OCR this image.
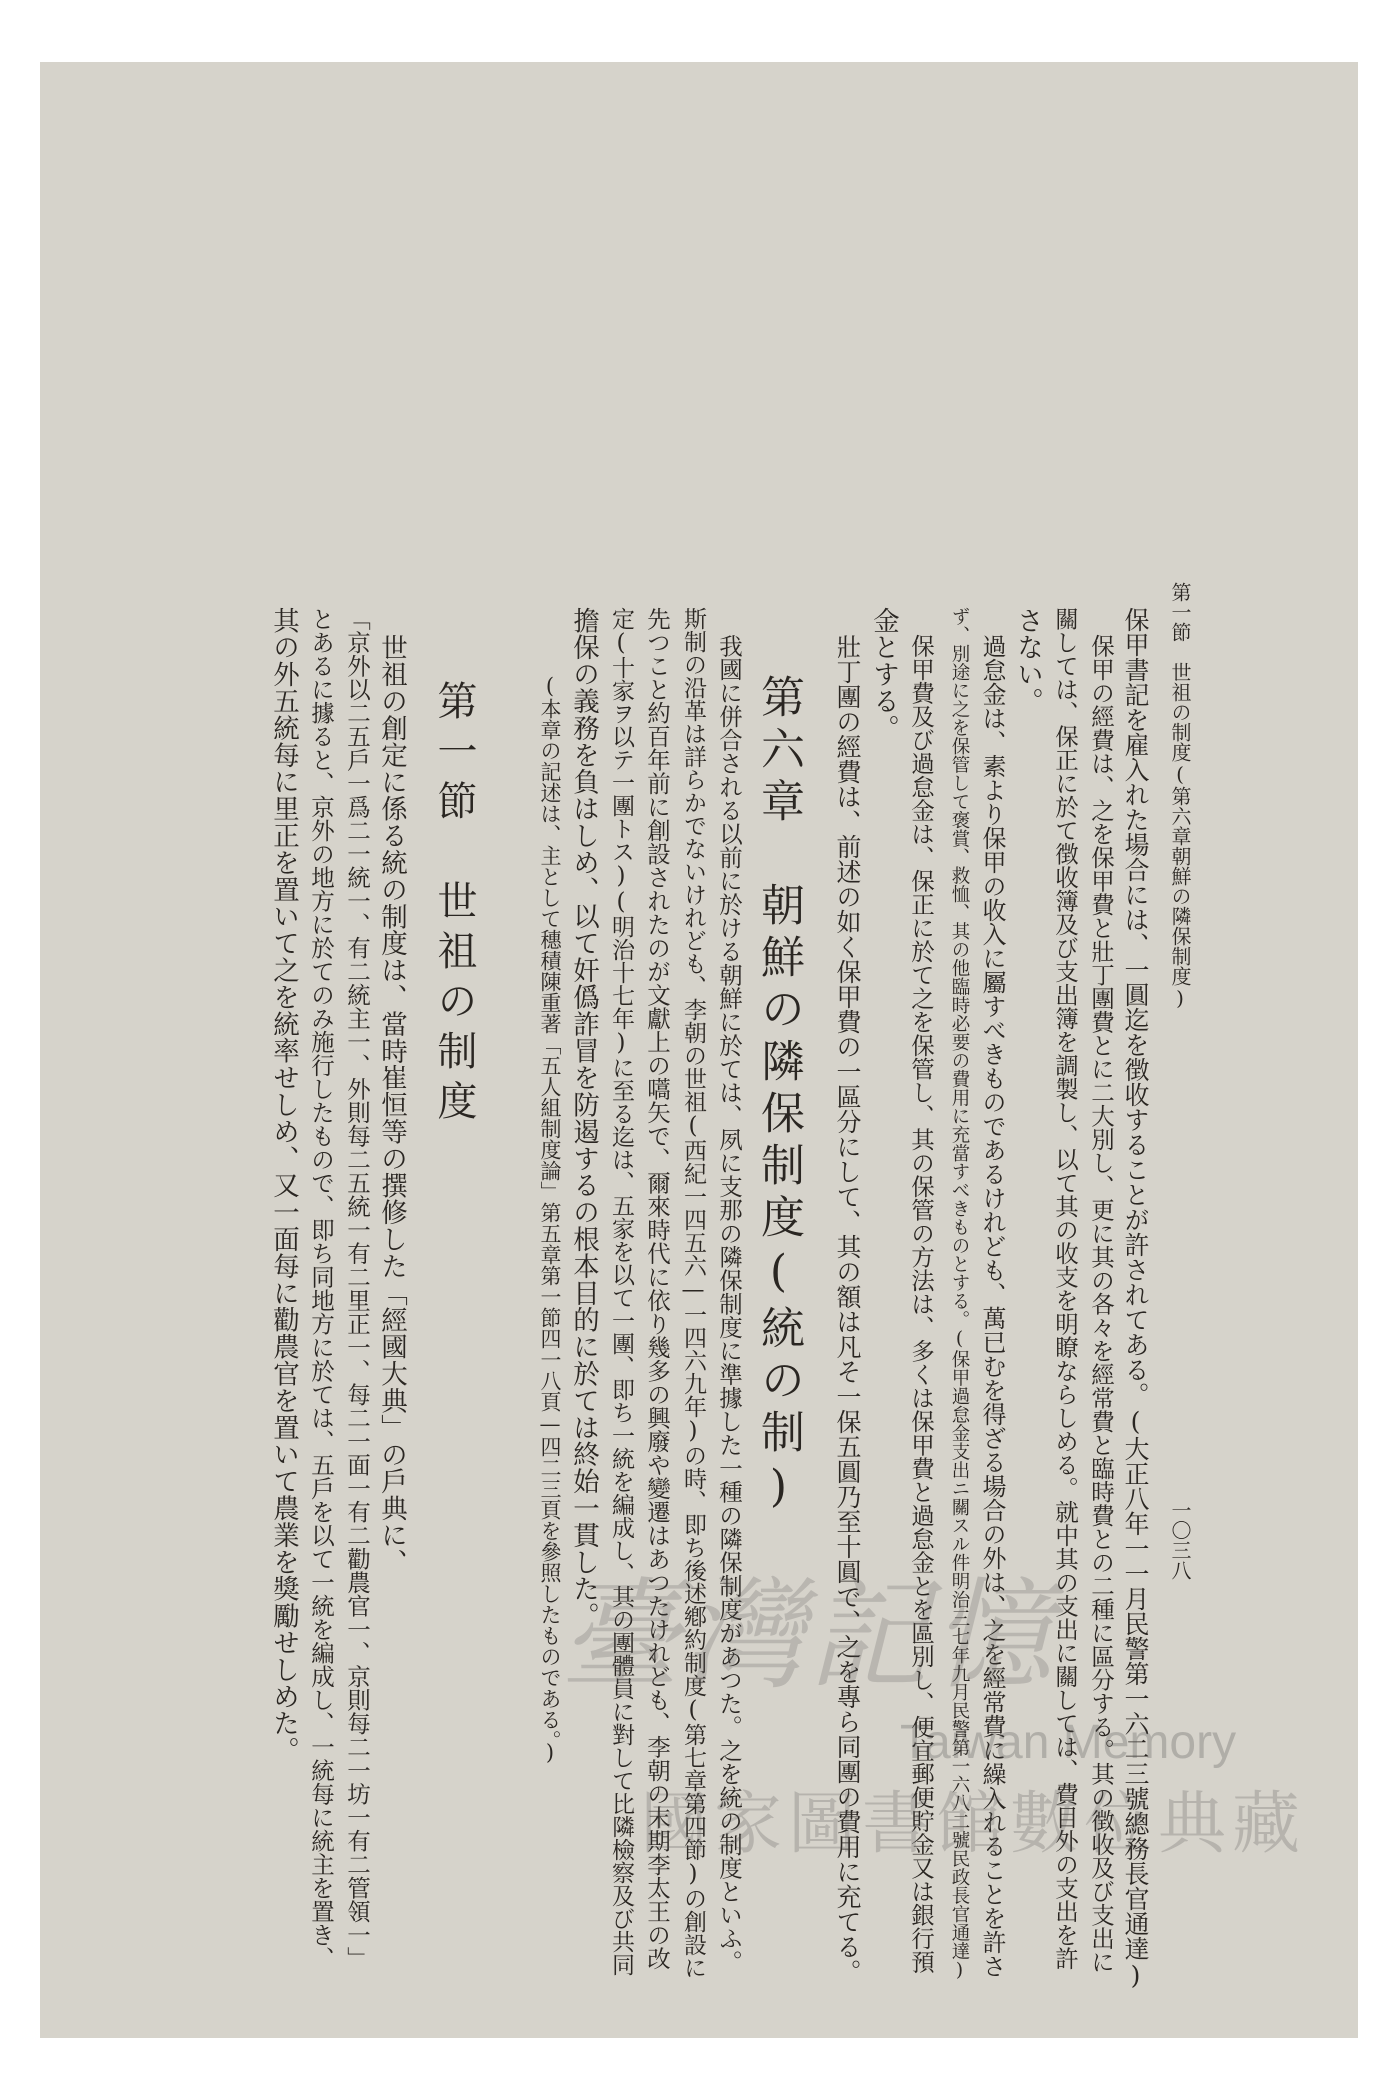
第一節　世祖の制度(第六章朝鮮の隣保制度)
一〇三八
保甲書記を雇入れた場合には、一圓迄を徴收することが許されてある。(大正八年一一月民警第一六二三號總務長官通達)
保甲の經費は、之を保甲費と壯丁團費とに二大別し、更に其の各々を經常費と臨時費との二種に區分する。其の徴收及び支出に
關しては、保正に於て徴收簿及び支出簿を調製し、以て其の收支を明瞭ならしめる。就中其の支出に關しては、費目外の支出を許
さない。
過怠金は、素より保甲の收入に屬すべきものであるけれども、萬已むを得ざる場合の外は、之を經常費に繰入れることを許さ
ず、別途に之を保管して褒賞、救恤、其の他臨時必要の費用に充當すべきものとする。(保甲過怠金支出ニ關スル件明治三七年九月民警第一六八二號民政長官通達)
保甲費及び過怠金は、保正に於て之を保管し、其の保管の方法は、多くは保甲費と過怠金とを區別し、便宜郵便貯金又は銀行預
金とする。
壯丁團の經費は、前述の如く保甲費の一區分にして、其の額は凡そ一保五圓乃至十圓で、之を專ら同團の費用に充てる。
第六章　朝鮮の隣保制度(統の制)
我國に併合される以前に於ける朝鮮に於ては、夙に支那の隣保制度に準據した一種の隣保制度があつた。之を統の制度といふ。
斯制の沿革は詳らかでないけれども、李朝の世祖(西紀一四五六—一四六九年)の時、即ち後述鄕約制度(第七章第四節)の創設に
先つこと約百年前に創設されたのが文獻上の嚆矢で、爾來時代に依り幾多の興廢や變遷はあつたけれども、李朝の末期李太王の改
定(十家ヲ以テ一團トス)(明治十七年)に至る迄は、五家を以て一團、即ち一統を編成し、其の團體員に對して比隣檢察及び共同
擔保の義務を負はしめ、以て奸僞詐冒を防遏するの根本目的に於ては終始一貫した。
(本章の記述は、主として穗積陳重著「五人組制度論」第五章第一節四一八頁—四二三頁を參照したものである。)
第一節　世祖の制度
世祖の創定に係る統の制度は、當時崔恒等の撰修した「經國大典」の戶典に、
「京外以二五戶一爲二一統一、有二統主一、外則每二五統一有二里正一、每二一面一有二勸農官一、京則每二一坊一有二管領一」
とあるに據ると、京外の地方に於てのみ施行したもので、即ち同地方に於ては、五戶を以て一統を編成し、一統每に統主を置き、
其の外五統每に里正を置いて之を統率せしめ、又一面每に勸農官を置いて農業を獎勵せしめた。 臺灣記憶
Taiwan Memory
國家圖書館數位典藏
